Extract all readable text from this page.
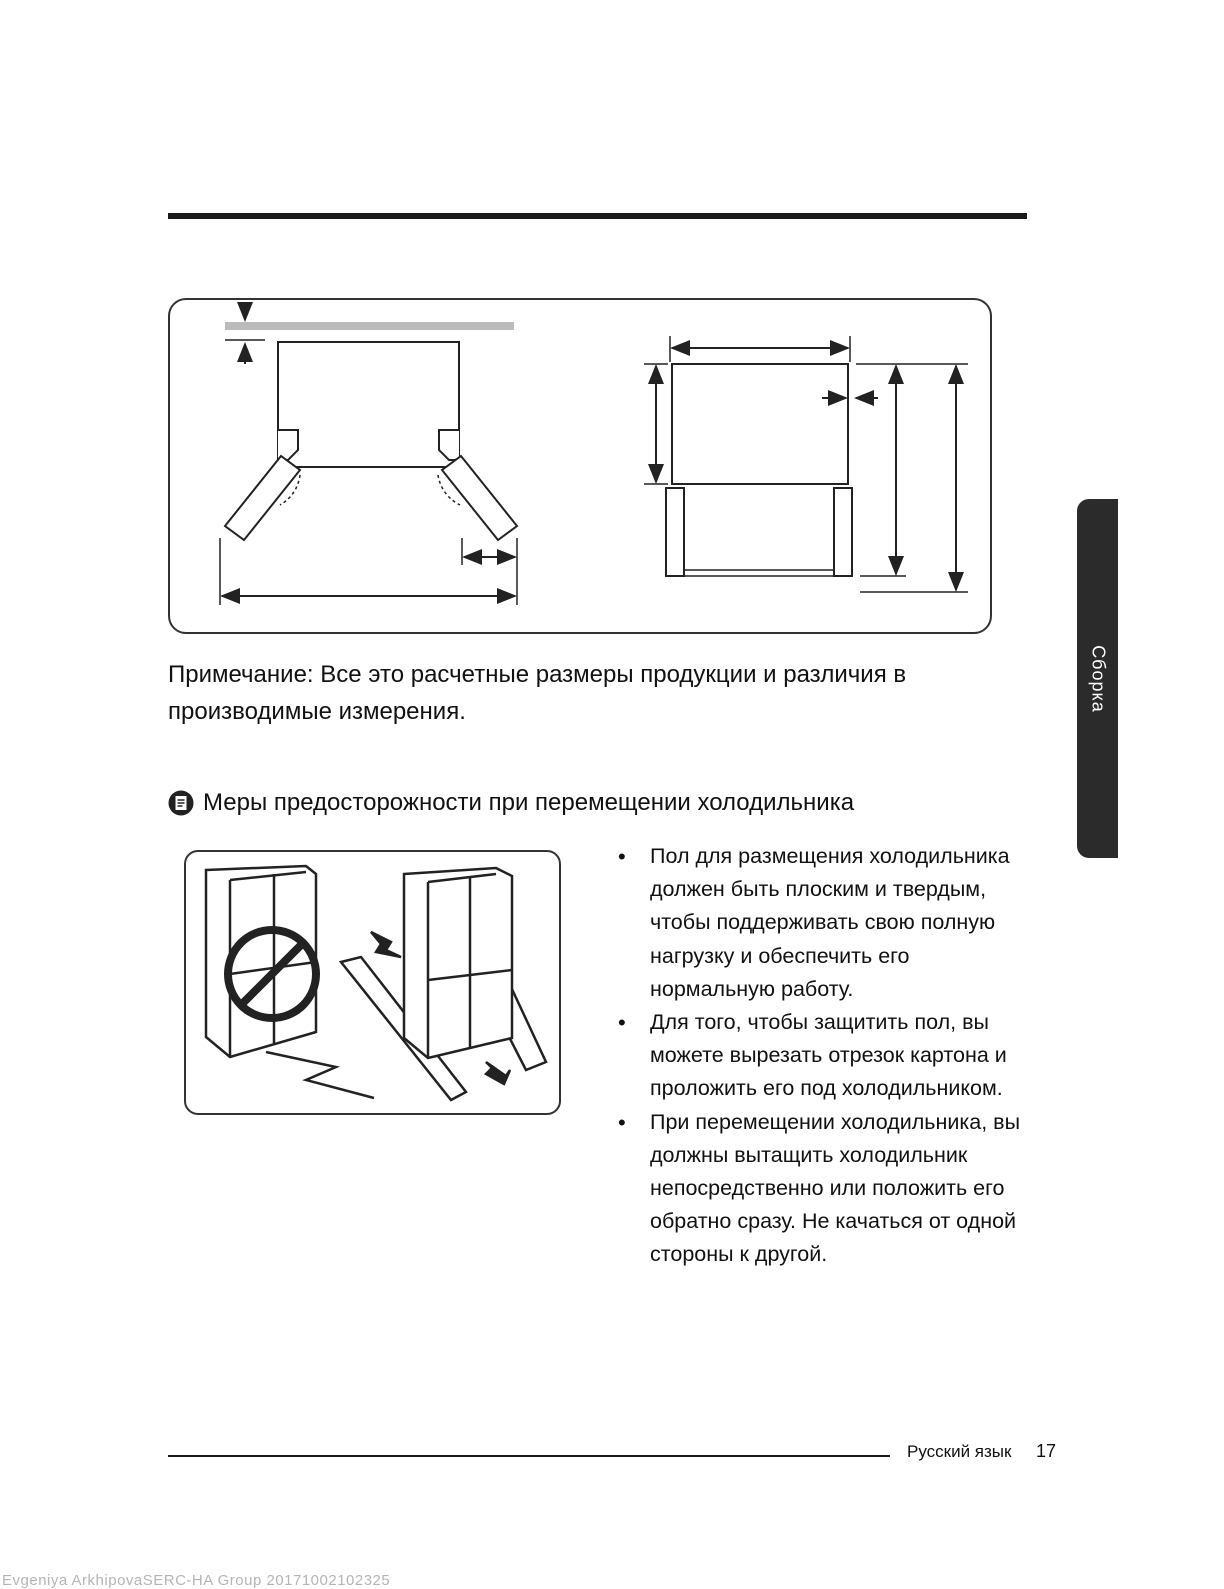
Примечание: Все это расчетные размеры продукции и различия в производимые измерения.
Меры предосторожности при перемещении холодильника
• Пол для размещения холодильника должен быть плоским и твердым, чтобы поддерживать свою полную нагрузку и обеспечить его нормальную работу.
• Для того, чтобы защитить пол, вы можете вырезать отрезок картона и проложить его под холодильником.
• При перемещении холодильника, вы должны вытащить холодильник непосредственно или положить его обратно сразу. Не качаться от одной стороны к другой.
Сборка
Русский язык 17
Evgeniya ArkhipovaSERC-HA Group 20171002102325
